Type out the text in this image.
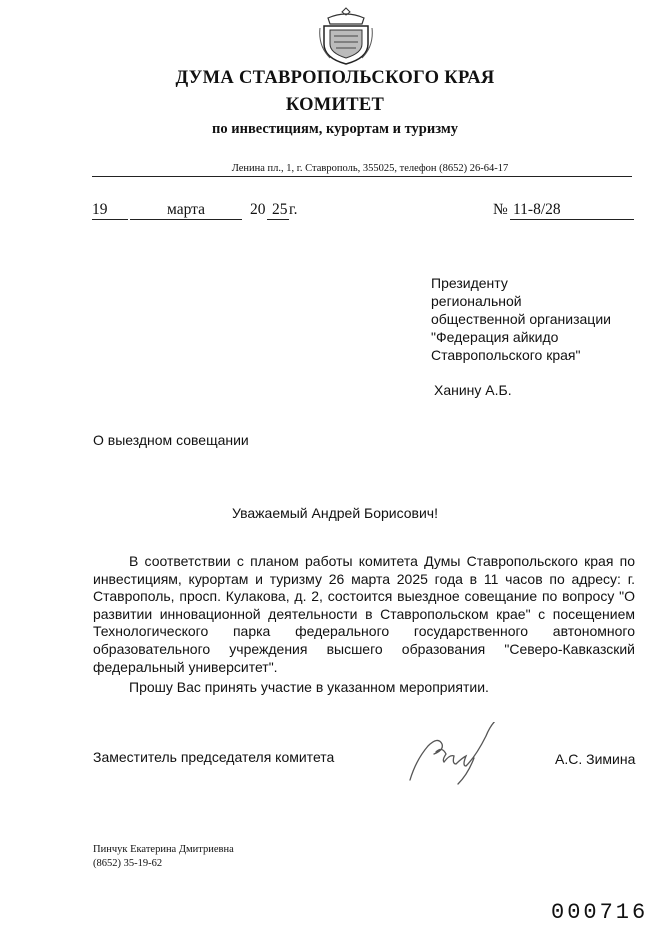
ДУМА СТАВРОПОЛЬСКОГО КРАЯ
КОМИТЕТ
по инвестициям, курортам и туризму
Ленина пл., 1, г. Ставрополь, 355025, телефон (8652) 26-64-17
19	марта	20 25 г.	№ 11-8/28
Президенту
региональной
общественной организации
"Федерация айкидо
Ставропольского края"
Ханину А.Б.
О выездном совещании
Уважаемый Андрей Борисович!

В соответствии с планом работы комитета Думы Ставропольского края по инвестициям, курортам и туризму 26 марта 2025 года в 11 часов по адресу: г. Ставрополь, просп. Кулакова, д. 2, состоится выездное совещание по вопросу "О развитии инновационной деятельности в Ставропольском крае" с посещением Технологического парка федерального государственного автономного образовательного учреждения высшего образования "Северо-Кавказский федеральный университет".

Прошу Вас принять участие в указанном мероприятии.

Заместитель председателя комитета	А.С. Зимина
Пинчук Екатерина Дмитриевна
(8652) 35-19-62
000716
